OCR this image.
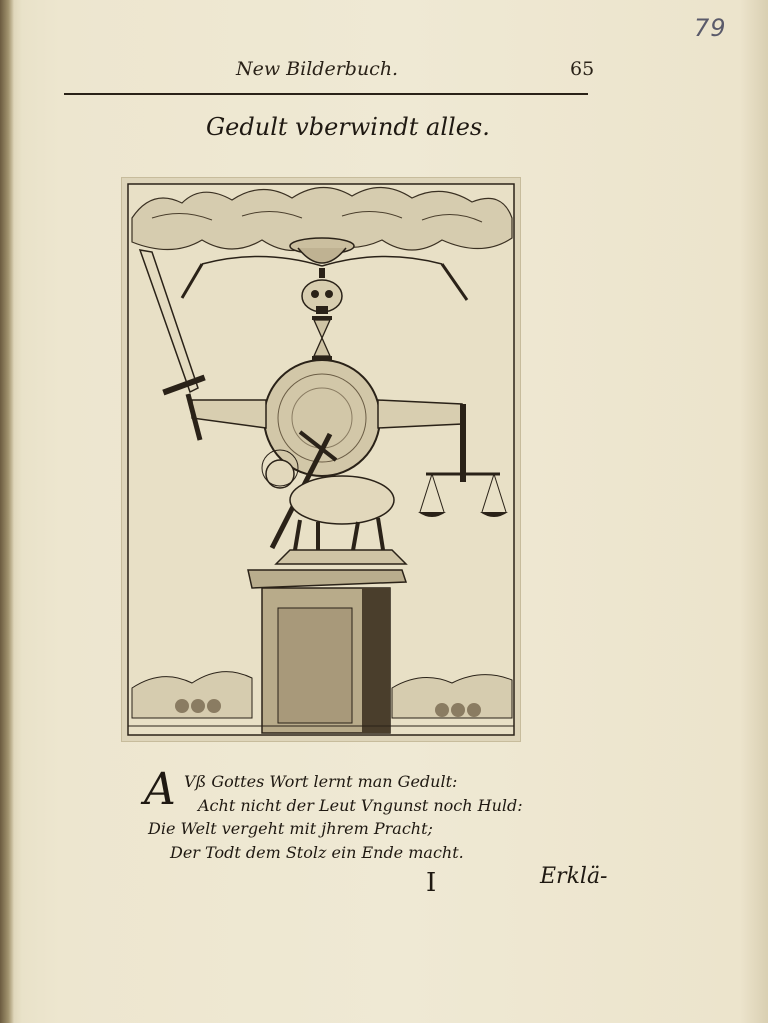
79
New Bilderbuch.	65
Gedult vberwindt alles.
A Vß Gottes Wort lernt man Gedult:
Acht nicht der Leut Vngunst noch Huld:
Die Welt vergeht mit jhrem Pracht;
Der Todt dem Stolz ein Ende macht.
I	Erklä-
